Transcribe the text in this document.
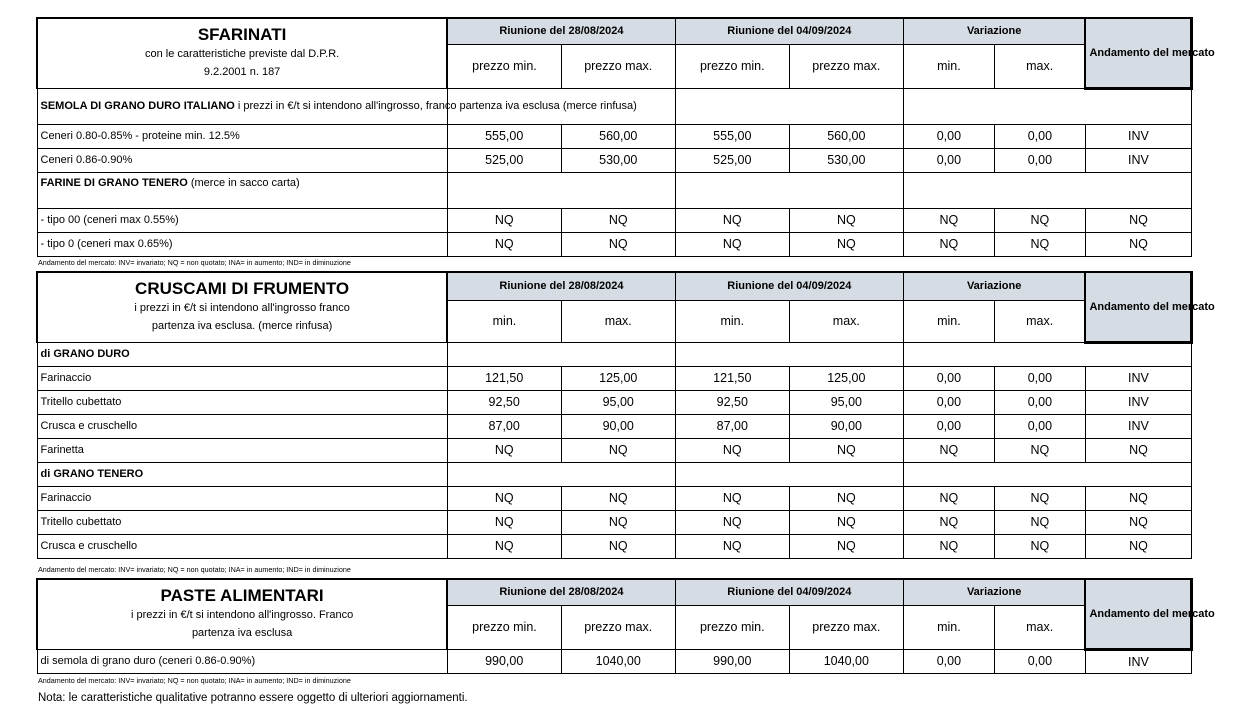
SFARINATI
con le caratteristiche previste dal D.P.R.
9.2.2001 n. 187	Riunione del 28/08/2024		Riunione del 04/09/2024		Variazione		Andamento del mercato
	prezzo min.	prezzo max.	prezzo min.	prezzo max.	min.	max.	
SEMOLA DI GRANO DURO ITALIANO i prezzi in €/t si intendono all'ingrosso, franco partenza iva esclusa (merce rinfusa)							
Ceneri 0.80-0.85% - proteine min. 12.5%	555,00	560,00	555,00	560,00	0,00	0,00	INV
Ceneri 0.86-0.90%	525,00	530,00	525,00	530,00	0,00	0,00	INV
FARINE DI GRANO TENERO (merce in sacco carta)							
- tipo 00 (ceneri max 0.55%)	NQ	NQ	NQ	NQ	NQ	NQ	NQ
- tipo 0 (ceneri max 0.65%)	NQ	NQ	NQ	NQ	NQ	NQ	NQ
Andamento del mercato: INV= invariato; NQ = non quotato; INA= in aumento; IND= in diminuzione
CRUSCAMI DI FRUMENTO
i prezzi in €/t si intendono all'ingrosso franco
partenza iva esclusa. (merce rinfusa)	Riunione del 28/08/2024		Riunione del 04/09/2024		Variazione		Andamento del mercato
	min.	max.	min.	max.	min.	max.	
di GRANO DURO							
Farinaccio	121,50	125,00	121,50	125,00	0,00	0,00	INV
Tritello cubettato	92,50	95,00	92,50	95,00	0,00	0,00	INV
Crusca e cruschello	87,00	90,00	87,00	90,00	0,00	0,00	INV
Farinetta	NQ	NQ	NQ	NQ	NQ	NQ	NQ
di GRANO TENERO							
Farinaccio	NQ	NQ	NQ	NQ	NQ	NQ	NQ
Tritello cubettato	NQ	NQ	NQ	NQ	NQ	NQ	NQ
Crusca e cruschello	NQ	NQ	NQ	NQ	NQ	NQ	NQ
Andamento del mercato: INV= invariato; NQ = non quotato; INA= in aumento; IND= in diminuzione
PASTE ALIMENTARI
i prezzi in €/t si intendono all'ingrosso. Franco
partenza iva esclusa	Riunione del 28/08/2024		Riunione del 04/09/2024		Variazione		Andamento del mercato
	prezzo min.	prezzo max.	prezzo min.	prezzo max.	min.	max.	
di semola di grano duro (ceneri 0.86-0.90%)	990,00	1040,00	990,00	1040,00	0,00	0,00	INV
Andamento del mercato: INV= invariato; NQ = non quotato; INA= in aumento; IND= in diminuzione
Nota: le caratteristiche qualitative potranno essere oggetto di ulteriori aggiornamenti.
